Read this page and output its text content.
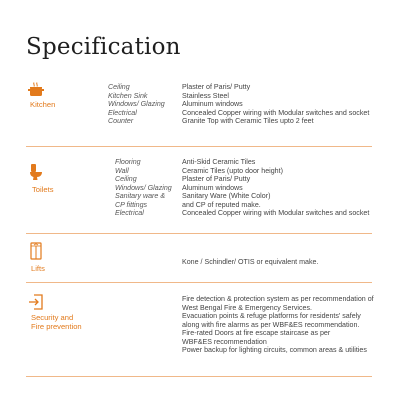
Specification
Kitchen
Ceiling
Kitchen Sink
Windows/ Glazing
Electrical
Counter
Plaster of Paris/ Putty
Stainless Steel
Aluminum windows
Concealed Copper wiring with Modular switches and socket
Granite Top with Ceramic Tiles upto 2 feet
Toilets
Flooring
Wall
Ceiling
Windows/ Glazing
Sanitary ware &
CP fittings
Electrical
Anti-Skid Ceramic Tiles
Ceramic Tiles (upto door height)
Plaster of Paris/ Putty
Aluminum windows
Sanitary Ware (White Color)
and CP of reputed make.
Concealed Copper wiring with Modular switches and socket
Lifts
Kone / Schindler/ OTIS or equivalent make.
Security and
Fire prevention
Fire detection & protection system as per recommendation of
West Bengal Fire & Emergency Services.
Evacuation points & refuge platforms for residents' safely
along with fire alarms as per WBF&ES recommendation.
Fire-rated Doors at fire escape staircase as per
WBF&ES recommendation
Power backup for lighting circuits, common areas & utilities
